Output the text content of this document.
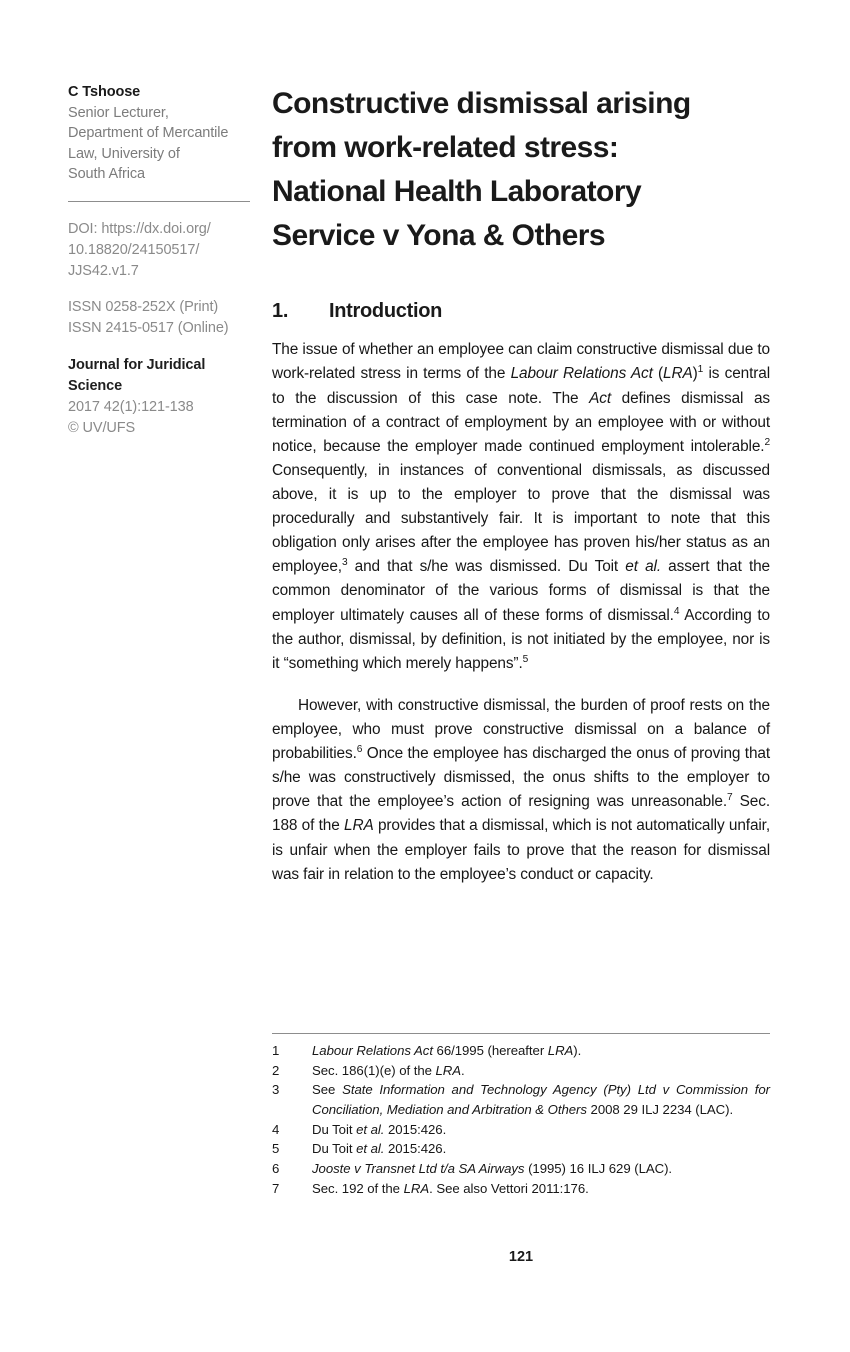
C Tshoose
Senior Lecturer,
Department of Mercantile
Law, University of
South Africa
DOI: https://dx.doi.org/
10.18820/24150517/
JJS42.v1.7
ISSN 0258-252X (Print)
ISSN 2415-0517 (Online)
Journal for Juridical
Science
2017 42(1):121-138
© UV/UFS
Constructive dismissal arising
from work-related stress:
National Health Laboratory
Service v Yona & Others
1.	Introduction

The issue of whether an employee can claim constructive dismissal due to work-related stress in terms of the Labour Relations Act (LRA)$^1$ is central to the discussion of this case note. The Act defines dismissal as termination of a contract of employment by an employee with or without notice, because the employer made continued employment intolerable.$^2$ Consequently, in instances of conventional dismissals, as discussed above, it is up to the employer to prove that the dismissal was procedurally and substantively fair. It is important to note that this obligation only arises after the employee has proven his/her status as an employee,$^3$ and that s/he was dismissed. Du Toit et al. assert that the common denominator of the various forms of dismissal is that the employer ultimately causes all of these forms of dismissal.$^4$ According to the author, dismissal, by definition, is not initiated by the employee, nor is it “something which merely happens”.$^5$

However, with constructive dismissal, the burden of proof rests on the employee, who must prove constructive dismissal on a balance of probabilities.$^6$ Once the employee has discharged the onus of proving that s/he was constructively dismissed, the onus shifts to the employer to prove that the employee’s action of resigning was unreasonable.$^7$ Sec. 188 of the LRA provides that a dismissal, which is not automatically unfair, is unfair when the employer fails to prove that the reason for dismissal was fair in relation to the employee’s conduct or capacity.

1	Labour Relations Act 66/1995 (hereafter LRA).
2	Sec. 186(1)(e) of the LRA.
3	See State Information and Technology Agency (Pty) Ltd v Commission for Conciliation, Mediation and Arbitration & Others 2008 29 ILJ 2234 (LAC).
4	Du Toit et al. 2015:426.
5	Du Toit et al. 2015:426.
6	Jooste v Transnet Ltd t/a SA Airways (1995) 16 ILJ 629 (LAC).
7	Sec. 192 of the LRA. See also Vettori 2011:176.
121
